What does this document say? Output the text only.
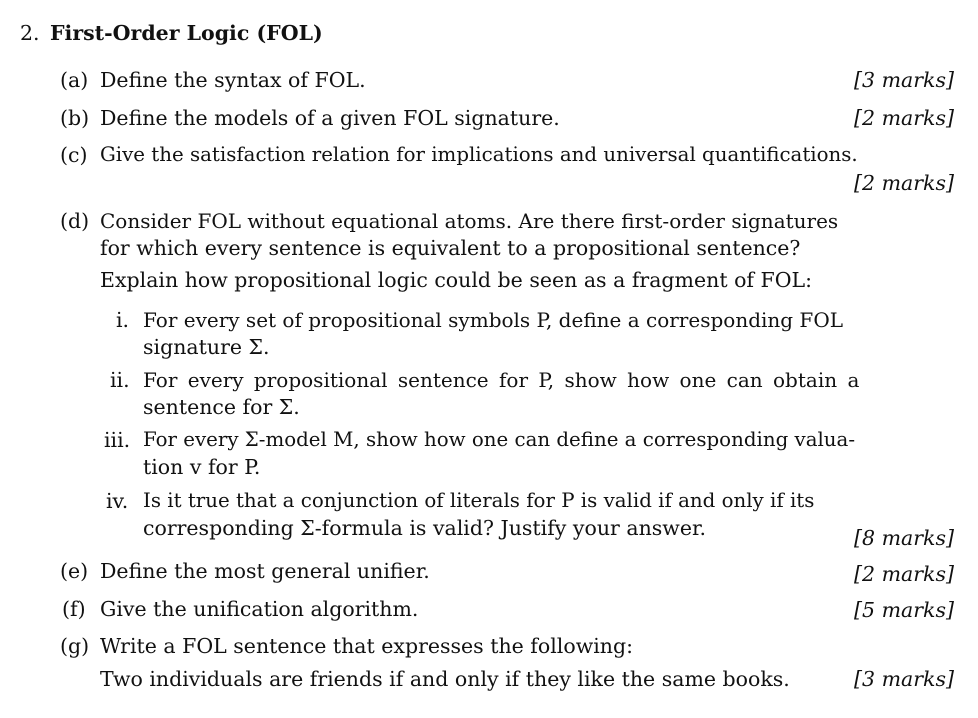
2. First-Order Logic (FOL)
(a) Define the syntax of FOL.	[3 marks]
(b) Define the models of a given FOL signature.	[2 marks]
(c) Give the satisfaction relation for implications and universal quantifications.
[2 marks]
(d) Consider FOL without equational atoms. Are there first-order signatures
for which every sentence is equivalent to a propositional sentence?
Explain how propositional logic could be seen as a fragment of FOL:
i. For every set of propositional symbols P, define a corresponding FOL
signature Σ.
ii. For every propositional sentence for P, show how one can obtain a
sentence for Σ.
iii. For every Σ-model M, show how one can define a corresponding valua-
tion v for P.
iv. Is it true that a conjunction of literals for P is valid if and only if its
corresponding Σ-formula is valid? Justify your answer.	[8 marks]
(e) Define the most general unifier.	[2 marks]
(f) Give the unification algorithm.	[5 marks]
(g) Write a FOL sentence that expresses the following:
Two individuals are friends if and only if they like the same books.	[3 marks]
